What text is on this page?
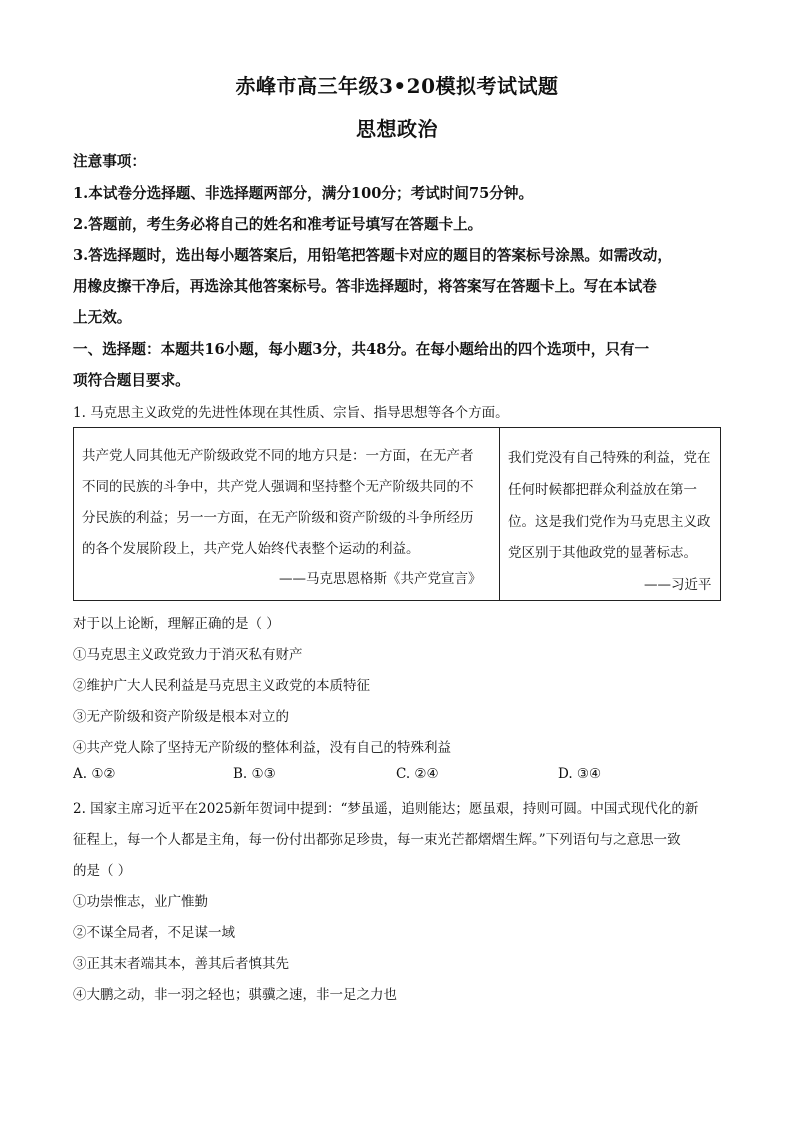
赤峰市高三年级3•20模拟考试试题
思想政治
注意事项：
1.本试卷分选择题、非选择题两部分，满分100分；考试时间75分钟。
2.答题前，考生务必将自己的姓名和准考证号填写在答题卡上。
3.答选择题时，选出每小题答案后，用铅笔把答题卡对应的题目的答案标号涂黑。如需改动，
用橡皮擦干净后，再选涂其他答案标号。答非选择题时，将答案写在答题卡上。写在本试卷
上无效。
一、选择题：本题共16小题，每小题3分，共48分。在每小题给出的四个选项中，只有一
项符合题目要求。
1. 马克思主义政党的先进性体现在其性质、宗旨、指导思想等各个方面。
共产党人同其他无产阶级政党不同的地方只是：一方面，在无产者
不同的民族的斗争中，共产党人强调和坚持整个无产阶级共同的不
分民族的利益；另一一方面，在无产阶级和资产阶级的斗争所经历
的各个发展阶段上，共产党人始终代表整个运动的利益。
——马克思恩格斯《共产党宣言》
我们党没有自己特殊的利益，党在
任何时候都把群众利益放在第一
位。这是我们党作为马克思主义政
党区别于其他政党的显著标志。
——习近平
对于以上论断，理解正确的是（ ）
①马克思主义政党致力于消灭私有财产
②维护广大人民利益是马克思主义政党的本质特征
③无产阶级和资产阶级是根本对立的
④共产党人除了坚持无产阶级的整体利益，没有自己的特殊利益
A. ①②	B. ①③	C. ②④	D. ③④
2. 国家主席习近平在2025新年贺词中提到：“梦虽遥，追则能达；愿虽艰，持则可圆。中国式现代化的新
征程上，每一个人都是主角，每一份付出都弥足珍贵，每一束光芒都熠熠生辉。”下列语句与之意思一致
的是（ ）
①功崇惟志，业广惟勤
②不谋全局者，不足谋一域
③正其末者端其本，善其后者慎其先
④大鹏之动，非一羽之轻也；骐骥之速，非一足之力也
